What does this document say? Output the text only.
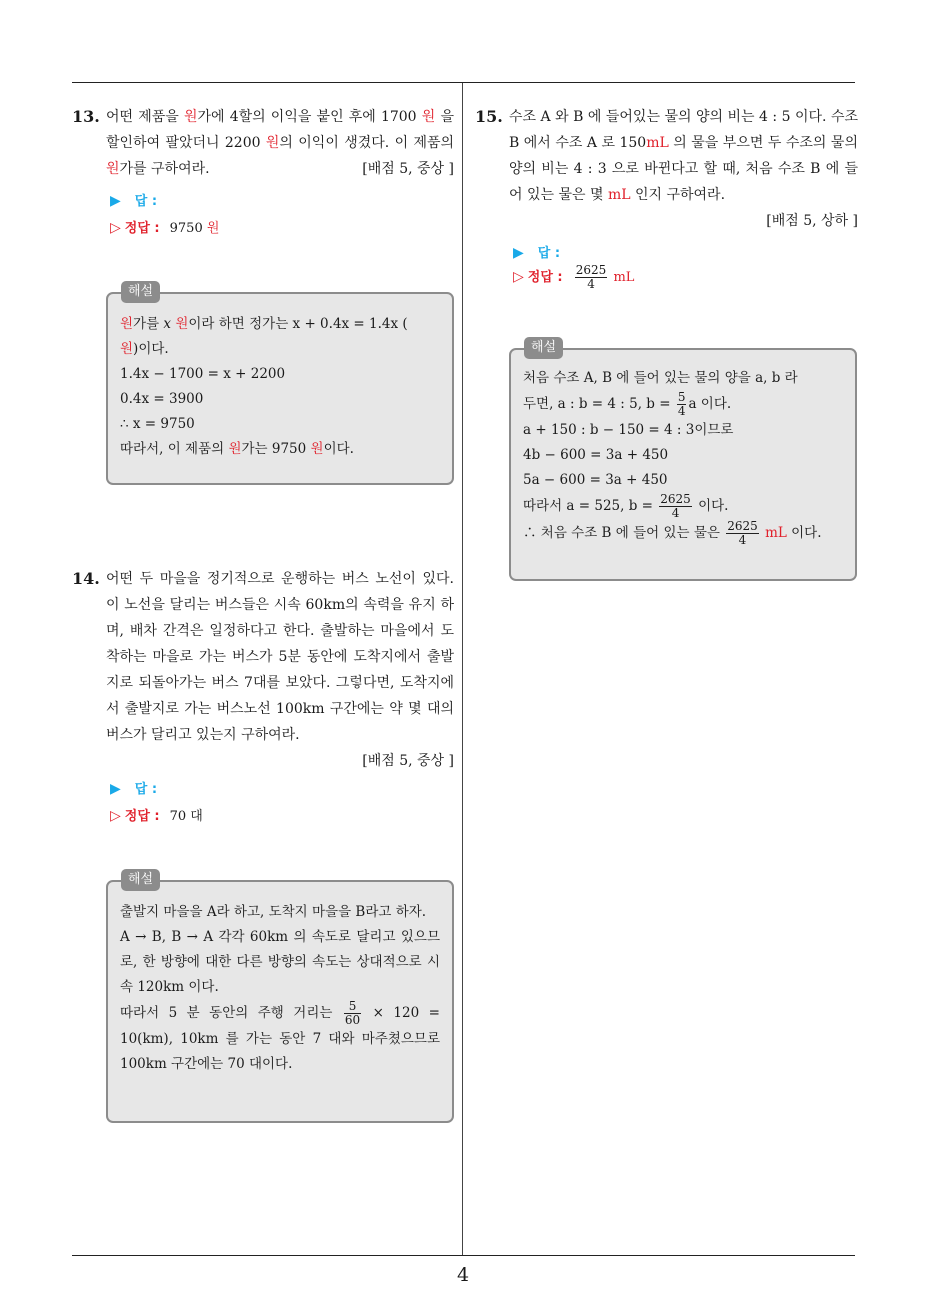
13. 어떤 제품을 원가에 4할의 이익을 붙인 후에 1700 원 을 할인하여 팔았더니 2200 원의 이익이 생겼다. 이 제품의 원가를 구하여라.	[배점 5, 중상 ]
▶ 답 :
▷ 정답 : 9750 원
해설

원가를 x 원이라 하면 정가는 x + 0.4x = 1.4x (

원)이다.

1.4x − 1700 = x + 2200

0.4x = 3900

∴ x = 9750

따라서, 이 제품의 원가는 9750 원이다.

14. 어떤 두 마을을 정기적으로 운행하는 버스 노선이 있다. 이 노선을 달리는 버스들은 시속 60km의 속력을 유지 하며, 배차 간격은 일정하다고 한다. 출발하는 마을에서 도착하는 마을로 가는 버스가 5분 동안에 도착지에서 출발지로 되돌아가는 버스 7대를 보았다. 그렇다면, 도착지에서 출발지로 가는 버스노선 100km 구간에는 약 몇 대의 버스가 달리고 있는지 구하여라.

[배점 5, 중상 ]
▶ 답 :
▷ 정답 : 70 대
해설

출발지 마을을 A라 하고, 도착지 마을을 B라고 하자.

A → B, B → A 각각 60km 의 속도로 달리고 있으므로, 한 방향에 대한 다른 방향의 속도는 상대적으로 시속 120km 이다.

따라서 5 분 동안의 주행 거리는 $\frac{5}{60} \times 120 = 10(km)$, 10km 를 가는 동안 7 대와 마주쳤으므로 100km 구간에는 70 대이다.

15. 수조 A 와 B 에 들어있는 물의 양의 비는 4 : 5 이다. 수조 B 에서 수조 A 로 150mL 의 물을 부으면 두 수조의 물의 양의 비는 4 : 3 으로 바뀐다고 할 때, 처음 수조 B 에 들어 있는 물은 몇 mL 인지 구하여라.

[배점 5, 상하 ]
▶ 답 :
▷ 정답 : $\frac{2625}{4}$ mL
해설

처음 수조 A, B 에 들어 있는 물의 양을 a, b 라

두면, a : b = 4 : 5, $b = \frac{5}{4}$ a 이다.

a + 150 : b − 150 = 4 : 3이므로

4b − 600 = 3a + 450

5a − 600 = 3a + 450

따라서 a = 525, $b = \frac{2625}{4}$ 이다.

∴ 처음 수조 B 에 들어 있는 물은 $\frac{2625}{4}$ mL 이다.

4
